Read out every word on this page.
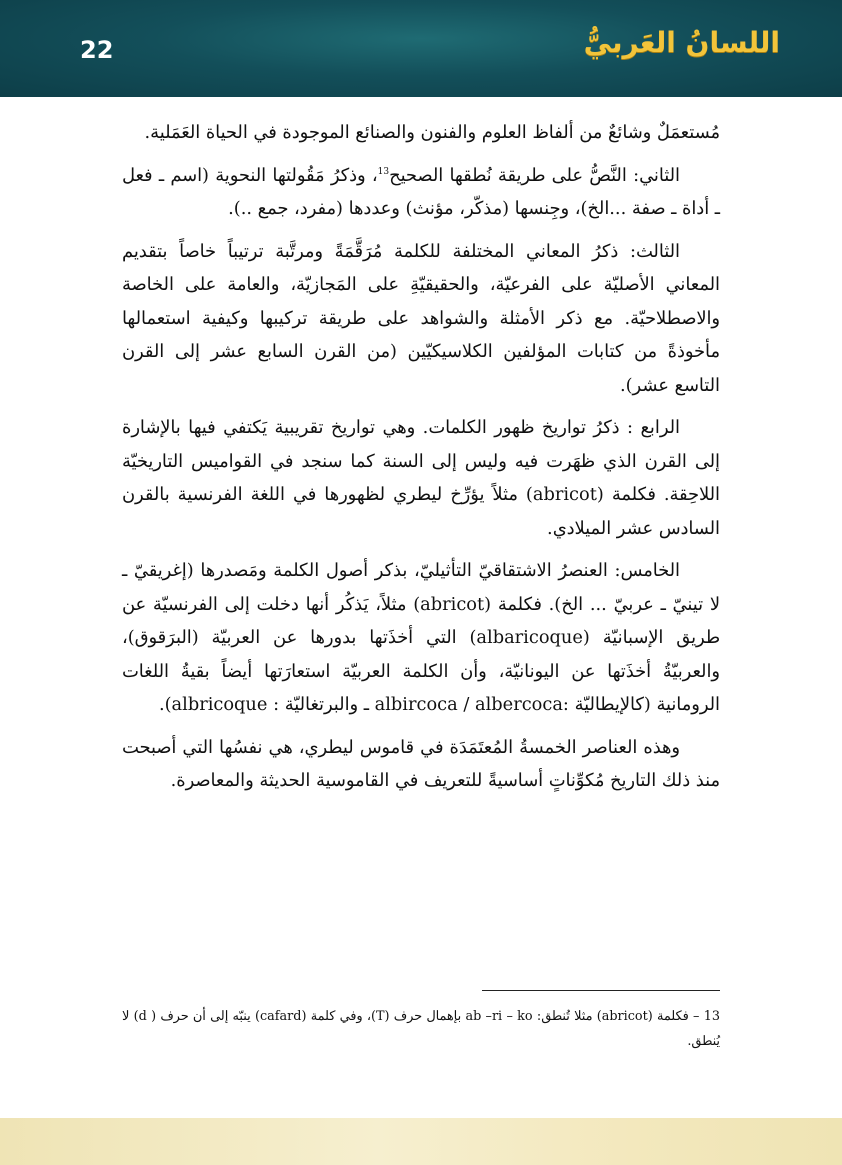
22	اللسانُ العَربيُّ

مُستعمَلٌ وشائعٌ من ألفاظ العلوم والفنون والصنائع الموجودة في الحياة العَمَلية.

الثاني: النَّصُّ على طريقة نُطقها الصحيح$^{13}$، وذكرُ مَقُولتها النحوية (اسم ـ فعل ـ أداة ـ صفة ...الخ)، وجِنسها (مذكّر، مؤنث) وعددها (مفرد، جمع ..).

الثالث: ذكرُ المعاني المختلفة للكلمة مُرَقَّمَةً ومرتَّبة ترتيباً خاصاً بتقديم المعاني الأصليّة على الفرعيّة، والحقيقيّةِ على المَجازيّة، والعامة على الخاصة والاصطلاحيّة. مع ذكر الأمثلة والشواهد على طريقة تركيبها وكيفية استعمالها مأخوذةً من كتابات المؤلفين الكلاسيكيّين (من القرن السابع عشر إلى القرن التاسع عشر).

الرابع : ذكرُ تواريخ ظهور الكلمات. وهي تواريخ تقريبية يَكتفي فيها بالإشارة إلى القرن الذي ظهَرت فيه وليس إلى السنة كما سنجد في القواميس التاريخيّة اللاحِقة. فكلمة (abricot) مثلاً يؤرِّخ ليطري لظهورها في اللغة الفرنسية بالقرن السادس عشر الميلادي.

الخامس: العنصرُ الاشتقاقيّ التأثيليّ، بذكر أصول الكلمة ومَصدرها (إغريقيّ ـ لا تينيّ ـ عربيّ ... الخ). فكلمة (abricot) مثلاً، يَذكُر أنها دخلت إلى الفرنسيّة عن طريق الإسبانيّة (albaricoque) التي أخذَتها بدورها عن العربيّة (البرَقوق)، والعربيّةُ أخذَتها عن اليونانيّة، وأن الكلمة العربيّة استعارَتها أيضاً بقيةُ اللغات الرومانية (كالإيطاليّة :albircoca / albercoca ـ والبرتغاليّة : albricoque).

وهذه العناصر الخمسةُ المُعتَمَدَة في قاموس ليطري، هي نفسُها التي أصبحت منذ ذلك التاريخ مُكوِّناتٍ أساسيةً للتعريف في القاموسية الحديثة والمعاصرة.

13 – فكلمة (abricot) مثلا تُنطق: ab –ri – ko بإهمال حرف (T)، وفي كلمة (cafard) ينبّه إلى أن حرف ( d) لا يُنطق.
